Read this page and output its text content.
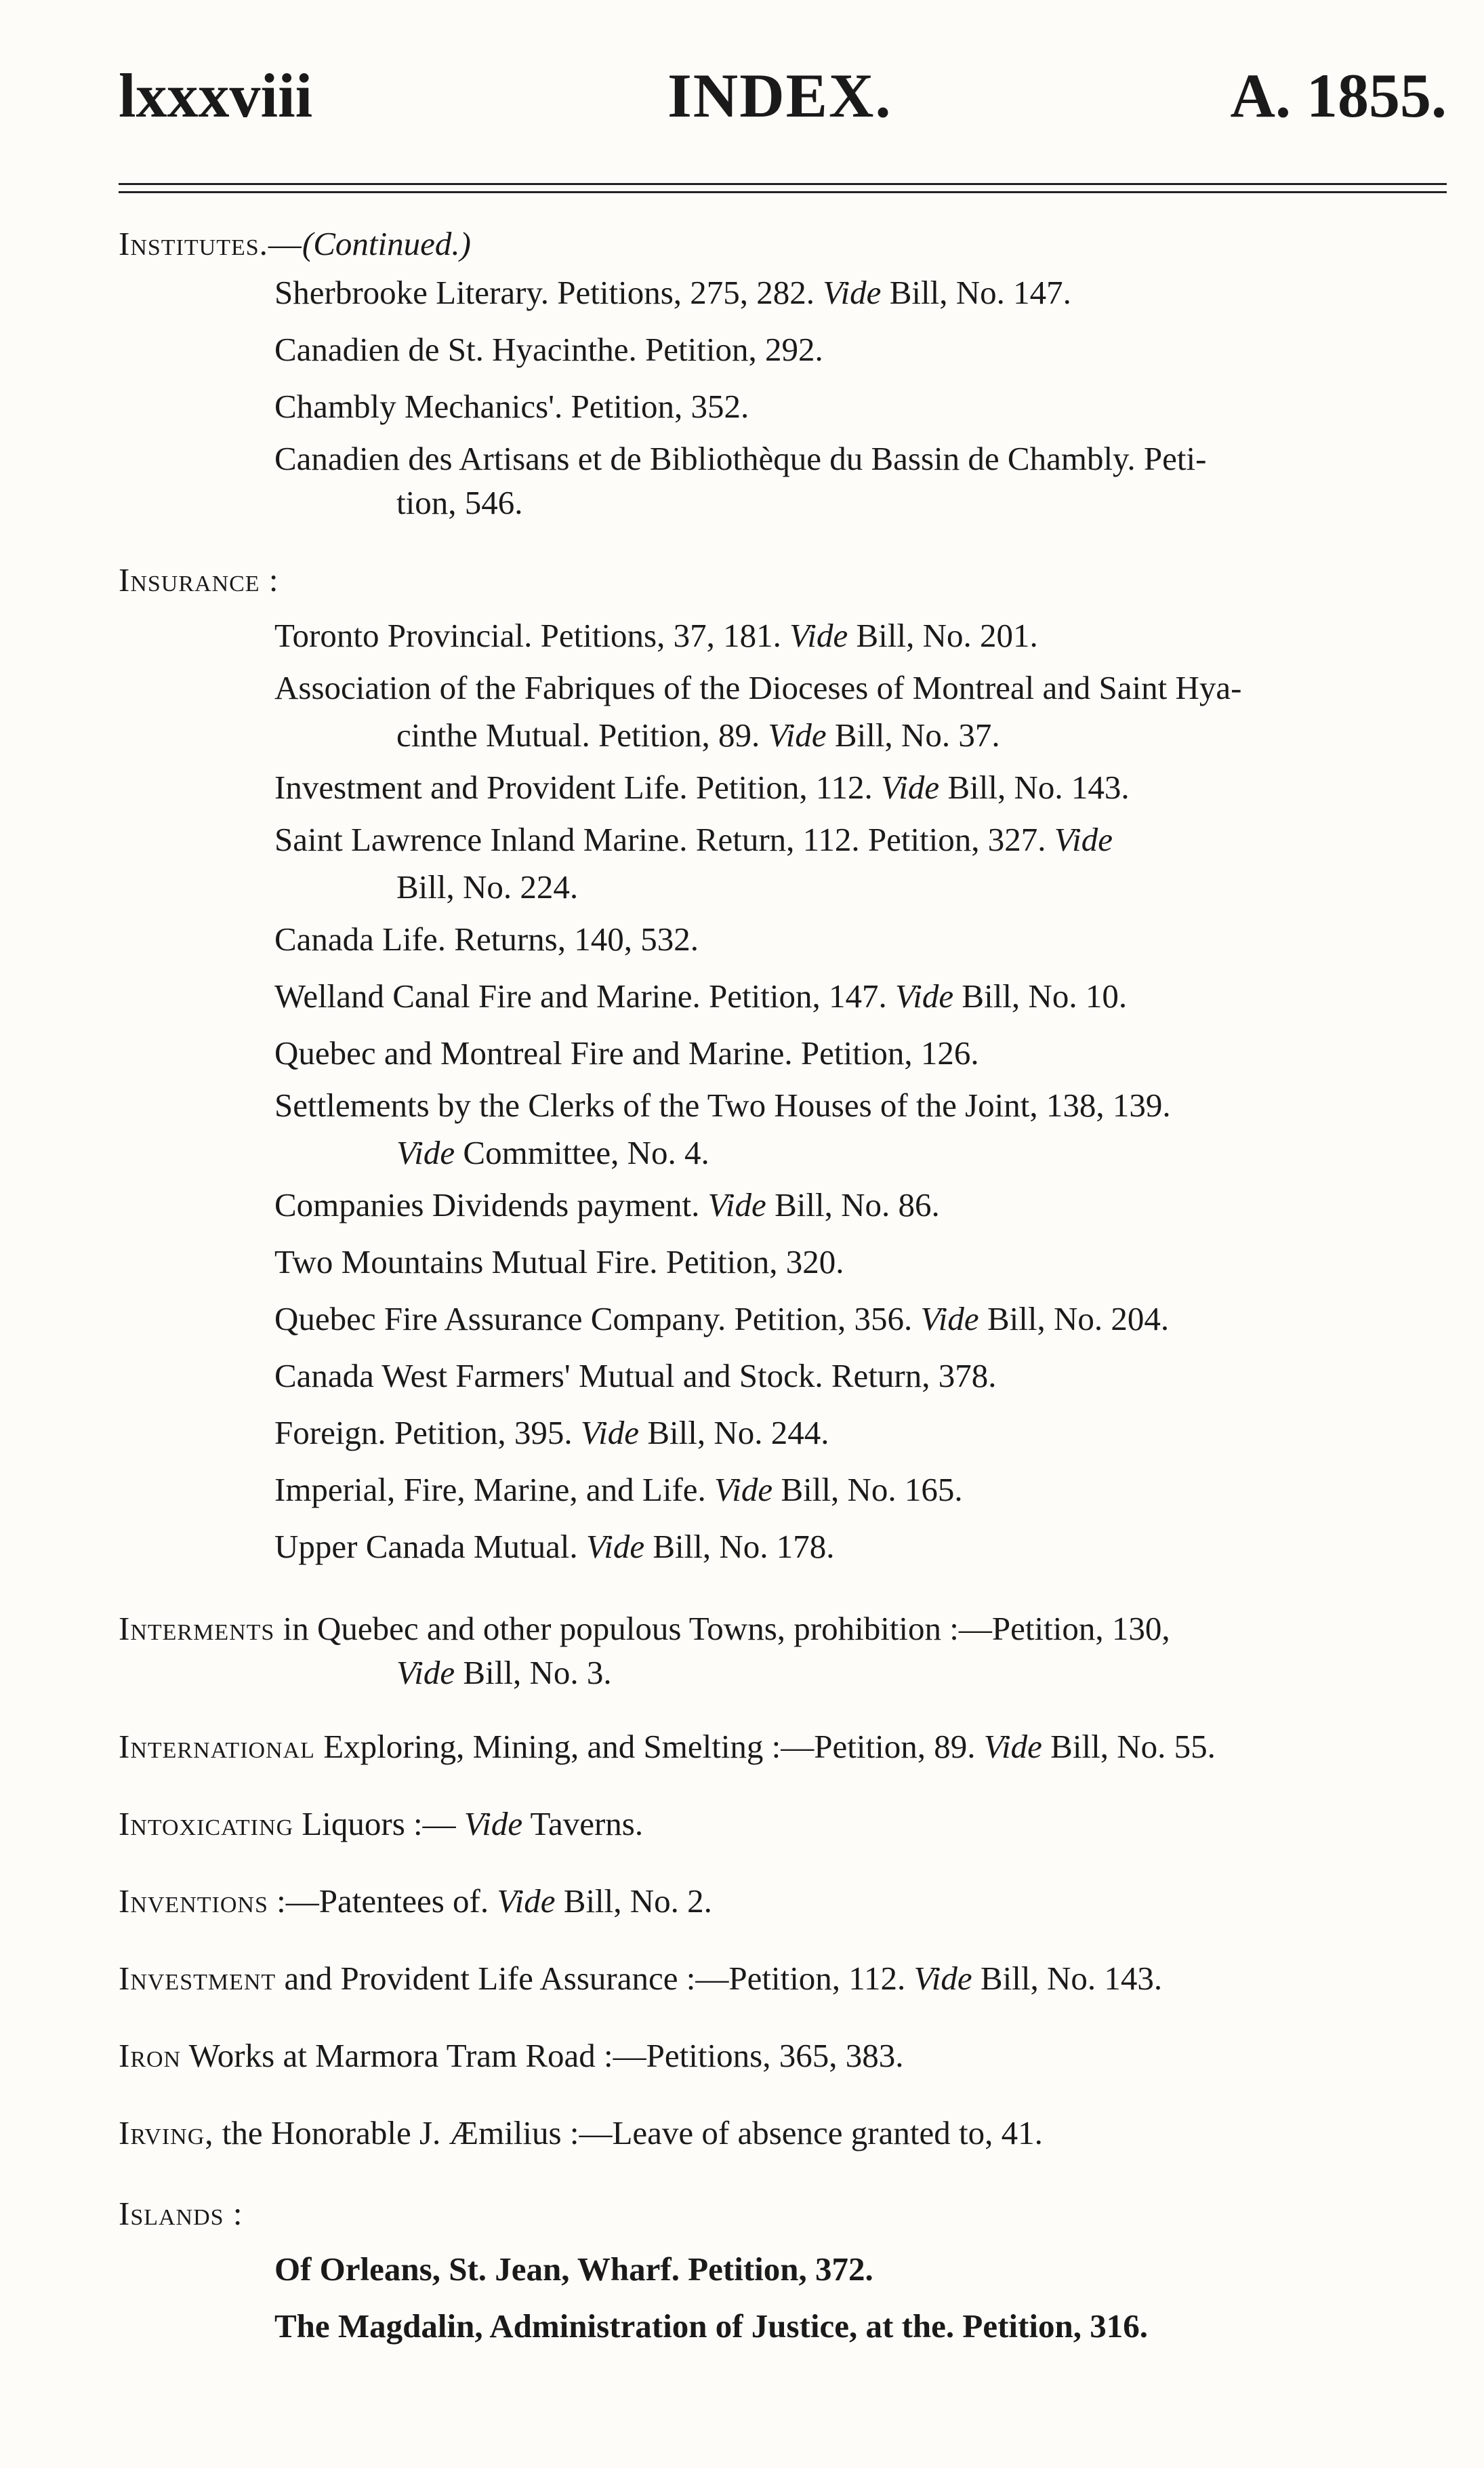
lxxxviii	INDEX.	A. 1855.
Institutes.—(Continued.)
Sherbrooke Literary. Petitions, 275, 282. Vide Bill, No. 147.
Canadien de St. Hyacinthe. Petition, 292.
Chambly Mechanics'. Petition, 352.
Canadien des Artisans et de Bibliothèque du Bassin de Chambly. Peti-
tion, 546.
Insurance :
Toronto Provincial. Petitions, 37, 181. Vide Bill, No. 201.
Association of the Fabriques of the Dioceses of Montreal and Saint Hya-
cinthe Mutual. Petition, 89. Vide Bill, No. 37.
Investment and Provident Life. Petition, 112. Vide Bill, No. 143.
Saint Lawrence Inland Marine. Return, 112. Petition, 327. Vide
Bill, No. 224.
Canada Life. Returns, 140, 532.
Welland Canal Fire and Marine. Petition, 147. Vide Bill, No. 10.
Quebec and Montreal Fire and Marine. Petition, 126.
Settlements by the Clerks of the Two Houses of the Joint, 138, 139.
Vide Committee, No. 4.
Companies Dividends payment. Vide Bill, No. 86.
Two Mountains Mutual Fire. Petition, 320.
Quebec Fire Assurance Company. Petition, 356. Vide Bill, No. 204.
Canada West Farmers' Mutual and Stock. Return, 378.
Foreign. Petition, 395. Vide Bill, No. 244.
Imperial, Fire, Marine, and Life. Vide Bill, No. 165.
Upper Canada Mutual. Vide Bill, No. 178.
Interments in Quebec and other populous Towns, prohibition :—Petition, 130,
Vide Bill, No. 3.
International Exploring, Mining, and Smelting :—Petition, 89. Vide Bill, No. 55.
Intoxicating Liquors :— Vide Taverns.
Inventions :—Patentees of. Vide Bill, No. 2.
Investment and Provident Life Assurance :—Petition, 112. Vide Bill, No. 143.
Iron Works at Marmora Tram Road :—Petitions, 365, 383.
Irving, the Honorable J. Æmilius :—Leave of absence granted to, 41.
Islands :
Of Orleans, St. Jean, Wharf. Petition, 372.
The Magdalin, Administration of Justice, at the. Petition, 316.
